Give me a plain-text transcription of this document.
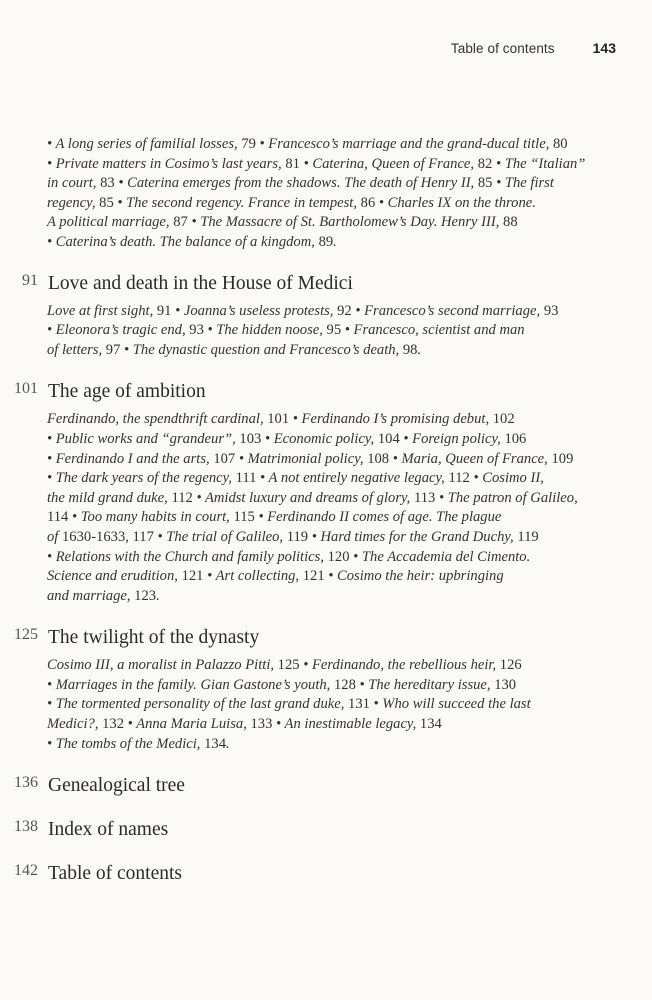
Table of contents	143
• A long series of familial losses, 79 • Francesco’s marriage and the grand-ducal title, 80
• Private matters in Cosimo’s last years, 81 • Caterina, Queen of France, 82 • The “Italian”
in court, 83 • Caterina emerges from the shadows. The death of Henry II, 85 • The first
regency, 85 • The second regency. France in tempest, 86 • Charles IX on the throne.
A political marriage, 87 • The Massacre of St. Bartholomew’s Day. Henry III, 88
• Caterina’s death. The balance of a kingdom, 89.
91 Love and death in the House of Medici
Love at first sight, 91 • Joanna’s useless protests, 92 • Francesco’s second marriage, 93
• Eleonora’s tragic end, 93 • The hidden noose, 95 • Francesco, scientist and man
of letters, 97 • The dynastic question and Francesco’s death, 98.
101 The age of ambition
Ferdinando, the spendthrift cardinal, 101 • Ferdinando I’s promising debut, 102
• Public works and “grandeur”, 103 • Economic policy, 104 • Foreign policy, 106
• Ferdinando I and the arts, 107 • Matrimonial policy, 108 • Maria, Queen of France, 109
• The dark years of the regency, 111 • A not entirely negative legacy, 112 • Cosimo II,
the mild grand duke, 112 • Amidst luxury and dreams of glory, 113 • The patron of Galileo,
114 • Too many habits in court, 115 • Ferdinando II comes of age. The plague
of 1630-1633, 117 • The trial of Galileo, 119 • Hard times for the Grand Duchy, 119
• Relations with the Church and family politics, 120 • The Accademia del Cimento.
Science and erudition, 121 • Art collecting, 121 • Cosimo the heir: upbringing
and marriage, 123.
125 The twilight of the dynasty
Cosimo III, a moralist in Palazzo Pitti, 125 • Ferdinando, the rebellious heir, 126
• Marriages in the family. Gian Gastone’s youth, 128 • The hereditary issue, 130
• The tormented personality of the last grand duke, 131 • Who will succeed the last
Medici?, 132 • Anna Maria Luisa, 133 • An inestimable legacy, 134
• The tombs of the Medici, 134.
136 Genealogical tree
138 Index of names
142 Table of contents
